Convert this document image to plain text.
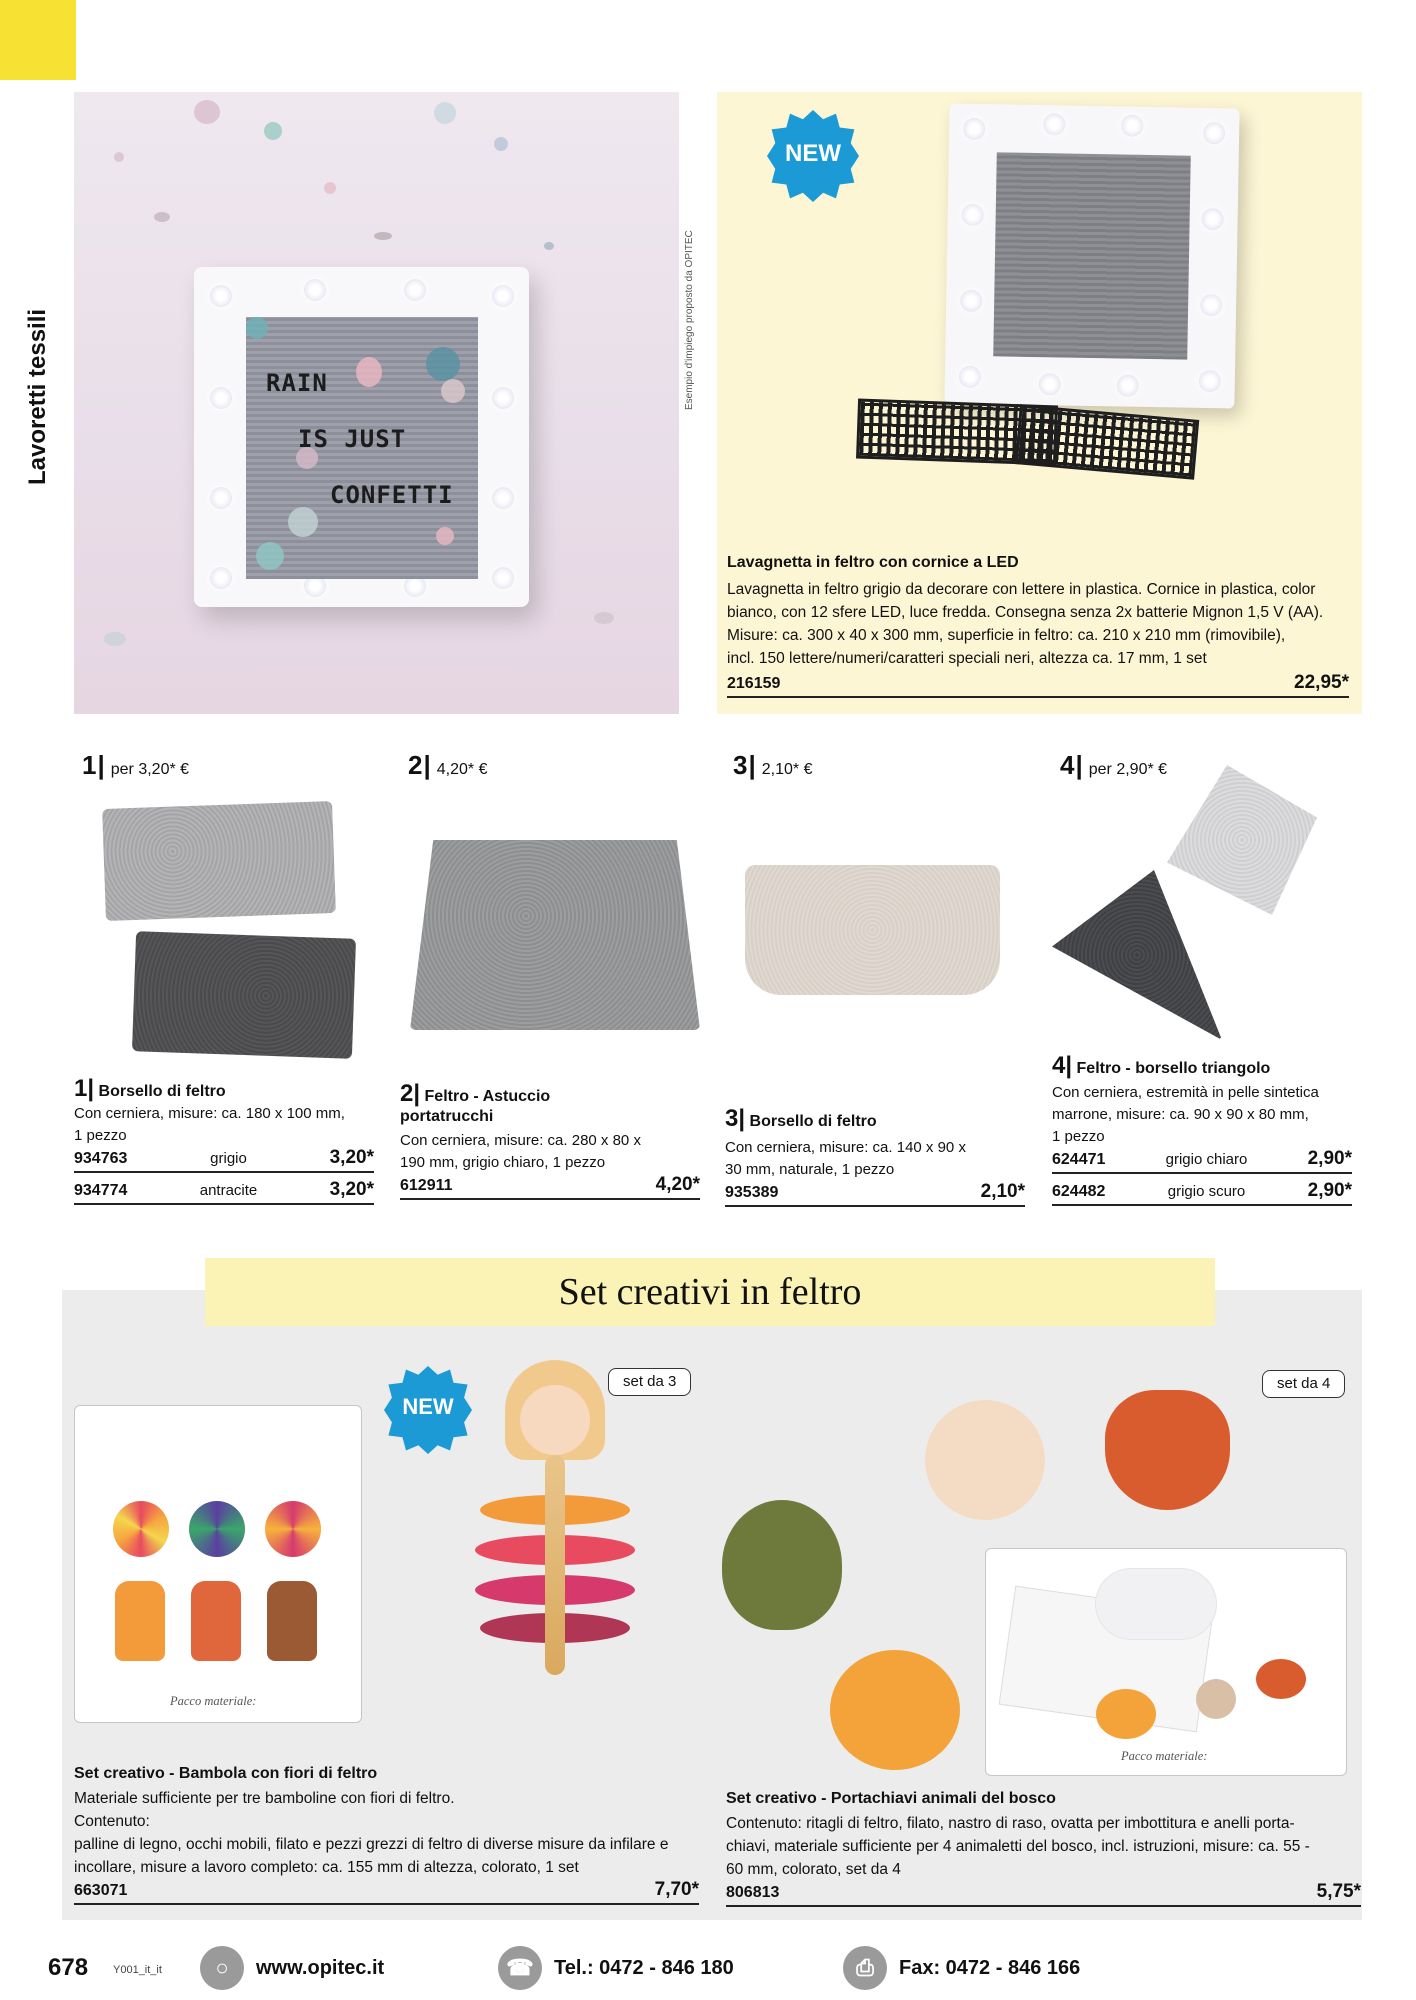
Lavoretti tessili	RAIN
IS JUST
CONFETTI
Esempio d'impiego proposto da OPITEC
NEW
Lavagnetta in feltro con cornice a LED
Lavagnetta in feltro grigio da decorare con lettere in plastica. Cornice in plastica, color
bianco, con 12 sfere LED, luce fredda. Consegna senza 2x batterie Mignon 1,5 V (AA).
Misure: ca. 300 x 40 x 300 mm, superficie in feltro: ca. 210 x 210 mm (rimovibile),
incl. 150 lettere/numeri/caratteri speciali neri, altezza ca. 17 mm, 1 set
216159	22,95*
1 | per 3,20* €
1| Borsello di feltro
Con cerniera, misure: ca. 180 x 100 mm,
1 pezzo
934763	grigio	3,20*
934774	antracite	3,20*
2 | 4,20* €
2| Feltro - Astuccio
portatrucchi
Con cerniera, misure: ca. 280 x 80 x
190 mm, grigio chiaro, 1 pezzo
612911	4,20*
3 | 2,10* €
3| Borsello di feltro
Con cerniera, misure: ca. 140 x 90 x
30 mm, naturale, 1 pezzo
935389	2,10*
4 | per 2,90* €
4| Feltro - borsello triangolo
Con cerniera, estremità in pelle sintetica
marrone, misure: ca. 90 x 90 x 80 mm,
1 pezzo
624471	grigio chiaro	2,90*
624482	grigio scuro	2,90*
Set creativi in feltro
Pacco materiale:
NEW
set da 3
Set creativo - Bambola con fiori di feltro
Materiale sufficiente per tre bamboline con fiori di feltro.
Contenuto:
palline di legno, occhi mobili, filato e pezzi grezzi di feltro di diverse misure da infilare e
incollare, misure a lavoro completo: ca. 155 mm di altezza, colorato, 1 set
663071	7,70*
set da 4
Pacco materiale:
Set creativo - Portachiavi animali del bosco
Contenuto: ritagli di feltro, filato, nastro di raso, ovatta per imbottitura e anelli porta-
chiavi, materiale sufficiente per 4 animaletti del bosco, incl. istruzioni, misure: ca. 55 -
60 mm, colorato, set da 4
806813	5,75*
678 Y001_it_it	○	www.opitec.it	☎	Tel.: 0472 - 846 180	⎙	Fax: 0472 - 846 166
